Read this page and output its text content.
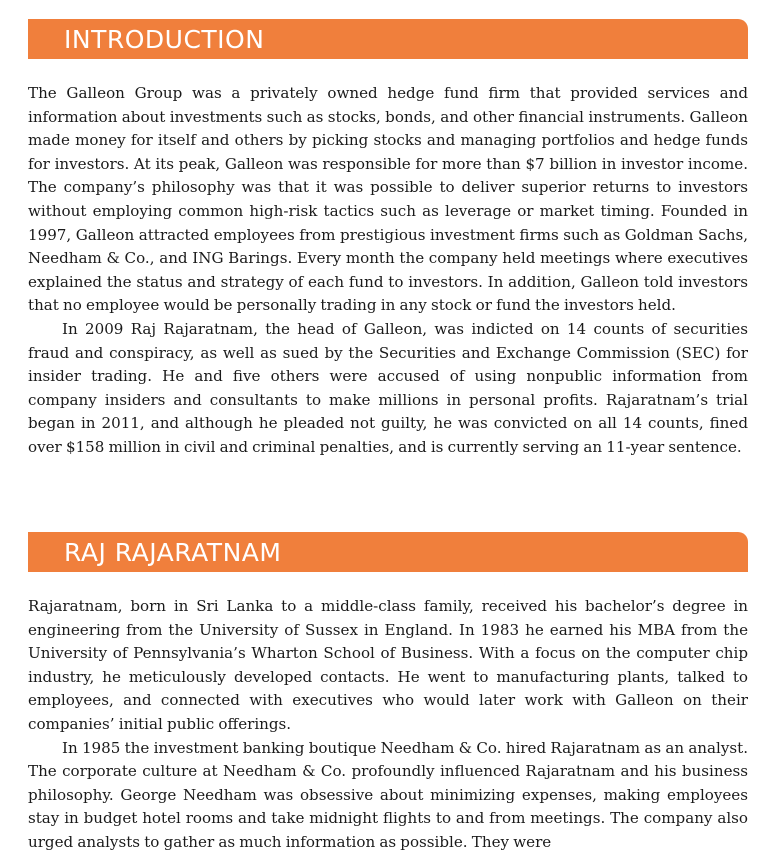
INTRODUCTION

The Galleon Group was a privately owned hedge fund firm that provided services and information about investments such as stocks, bonds, and other financial instruments. Galleon made money for itself and others by picking stocks and managing portfolios and hedge funds for investors. At its peak, Galleon was responsible for more than $7 billion in investor income. The company’s philosophy was that it was possible to deliver superior returns to investors without employing common high-risk tactics such as leverage or market timing. Founded in 1997, Galleon attracted employees from prestigious investment firms such as Goldman Sachs, Needham & Co., and ING Barings. Every month the company held meetings where executives explained the status and strategy of each fund to investors. In addition, Galleon told investors that no employee would be personally trading in any stock or fund the investors held.

In 2009 Raj Rajaratnam, the head of Galleon, was indicted on 14 counts of securities fraud and conspiracy, as well as sued by the Securities and Exchange Commission (SEC) for insider trading. He and five others were accused of using nonpublic information from company insiders and consultants to make millions in personal profits. Rajaratnam’s trial began in 2011, and although he pleaded not guilty, he was convicted on all 14 counts, fined over $158 million in civil and criminal penalties, and is currently serving an 11-year sentence.

RAJ RAJARATNAM

Rajaratnam, born in Sri Lanka to a middle-class family, received his bachelor’s degree in engineering from the University of Sussex in England. In 1983 he earned his MBA from the University of Pennsylvania’s Wharton School of Business. With a focus on the computer chip industry, he meticulously developed contacts. He went to manufacturing plants, talked to employees, and connected with executives who would later work with Galleon on their companies’ initial public offerings.

In 1985 the investment banking boutique Needham & Co. hired Rajaratnam as an analyst. The corporate culture at Needham & Co. profoundly influenced Rajaratnam and his business philosophy. George Needham was obsessive about minimizing expenses, making employees stay in budget hotel rooms and take midnight flights to and from meetings. The company also urged analysts to gather as much information as possible. They were
